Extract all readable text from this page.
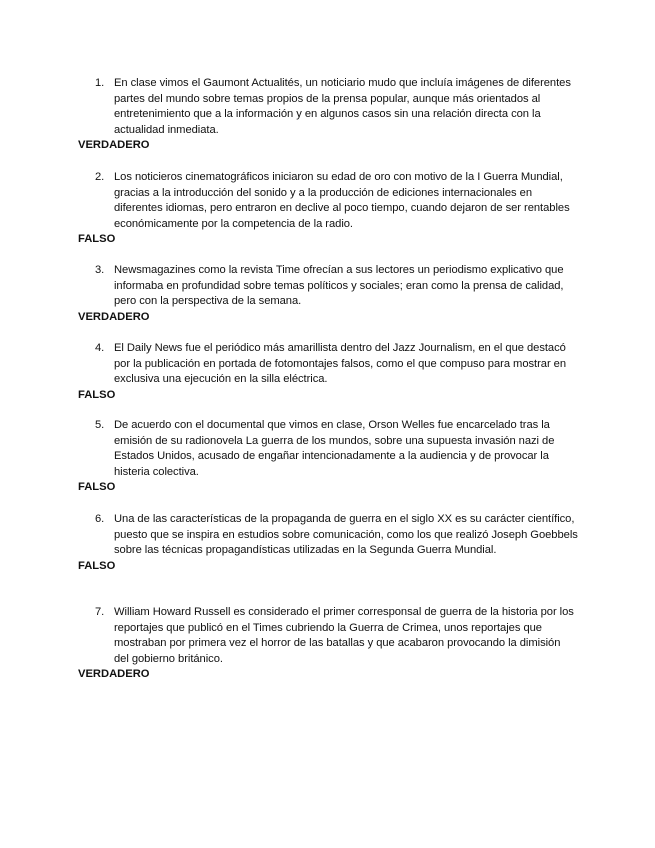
1. En clase vimos el Gaumont Actualités, un noticiario mudo que incluía imágenes de diferentes partes del mundo sobre temas propios de la prensa popular, aunque más orientados al entretenimiento que a la información y en algunos casos sin una relación directa con la actualidad inmediata.
VERDADERO
2. Los noticieros cinematográficos iniciaron su edad de oro con motivo de la I Guerra Mundial, gracias a la introducción del sonido y a la producción de ediciones internacionales en diferentes idiomas, pero entraron en declive al poco tiempo, cuando dejaron de ser rentables económicamente por la competencia de la radio.
FALSO
3. Newsmagazines como la revista Time ofrecían a sus lectores un periodismo explicativo que informaba en profundidad sobre temas políticos y sociales; eran como la prensa de calidad, pero con la perspectiva de la semana.
VERDADERO
4. El Daily News fue el periódico más amarillista dentro del Jazz Journalism, en el que destacó por la publicación en portada de fotomontajes falsos, como el que compuso para mostrar en exclusiva una ejecución en la silla eléctrica.
FALSO
5. De acuerdo con el documental que vimos en clase, Orson Welles fue encarcelado tras la emisión de su radionovela La guerra de los mundos, sobre una supuesta invasión nazi de Estados Unidos, acusado de engañar intencionadamente a la audiencia y de provocar la histeria colectiva.
FALSO
6. Una de las características de la propaganda de guerra en el siglo XX es su carácter científico, puesto que se inspira en estudios sobre comunicación, como los que realizó Joseph Goebbels sobre las técnicas propagandísticas utilizadas en la Segunda Guerra Mundial.
FALSO
7. William Howard Russell es considerado el primer corresponsal de guerra de la historia por los reportajes que publicó en el Times cubriendo la Guerra de Crimea, unos reportajes que mostraban por primera vez el horror de las batallas y que acabaron provocando la dimisión del gobierno británico.
VERDADERO
